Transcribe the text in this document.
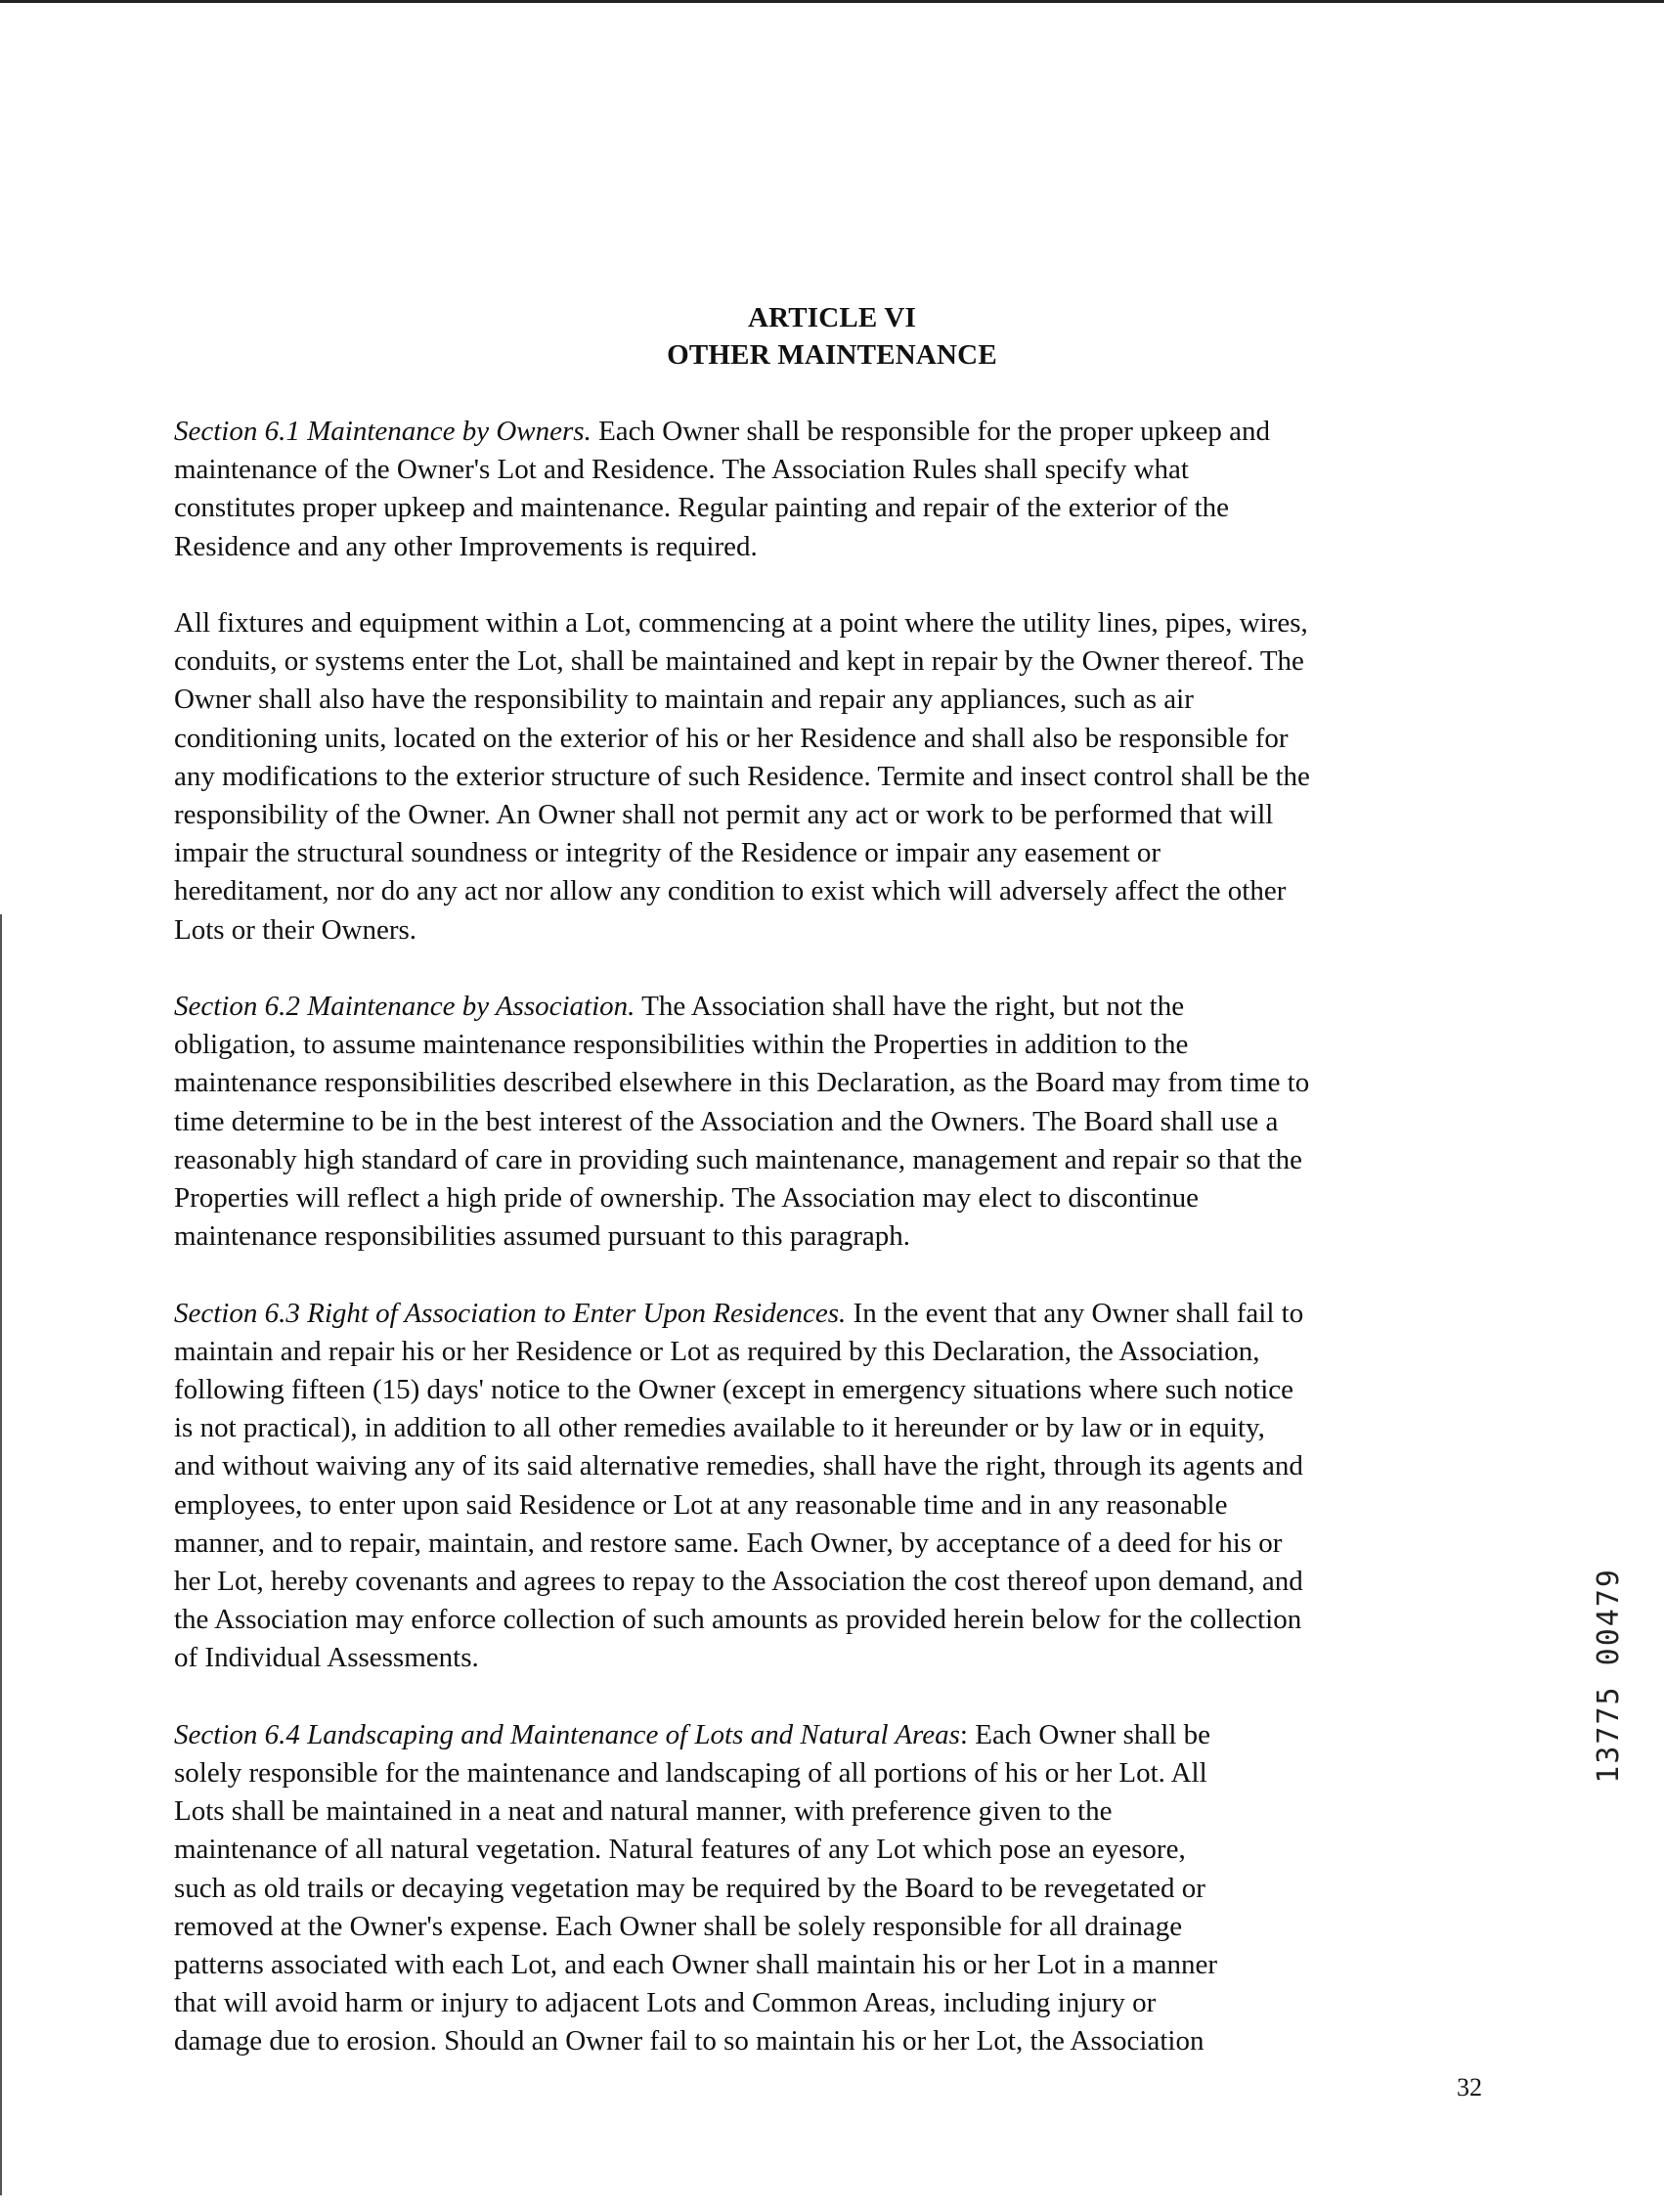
ARTICLE VI
OTHER MAINTENANCE

Section 6.1 Maintenance by Owners. Each Owner shall be responsible for the proper upkeep and
maintenance of the Owner's Lot and Residence. The Association Rules shall specify what
constitutes proper upkeep and maintenance. Regular painting and repair of the exterior of the
Residence and any other Improvements is required.

All fixtures and equipment within a Lot, commencing at a point where the utility lines, pipes, wires,
conduits, or systems enter the Lot, shall be maintained and kept in repair by the Owner thereof. The
Owner shall also have the responsibility to maintain and repair any appliances, such as air
conditioning units, located on the exterior of his or her Residence and shall also be responsible for
any modifications to the exterior structure of such Residence. Termite and insect control shall be the
responsibility of the Owner. An Owner shall not permit any act or work to be performed that will
impair the structural soundness or integrity of the Residence or impair any easement or
hereditament, nor do any act nor allow any condition to exist which will adversely affect the other
Lots or their Owners.

Section 6.2 Maintenance by Association. The Association shall have the right, but not the
obligation, to assume maintenance responsibilities within the Properties in addition to the
maintenance responsibilities described elsewhere in this Declaration, as the Board may from time to
time determine to be in the best interest of the Association and the Owners. The Board shall use a
reasonably high standard of care in providing such maintenance, management and repair so that the
Properties will reflect a high pride of ownership. The Association may elect to discontinue
maintenance responsibilities assumed pursuant to this paragraph.

Section 6.3 Right of Association to Enter Upon Residences. In the event that any Owner shall fail to
maintain and repair his or her Residence or Lot as required by this Declaration, the Association,
following fifteen (15) days' notice to the Owner (except in emergency situations where such notice
is not practical), in addition to all other remedies available to it hereunder or by law or in equity,
and without waiving any of its said alternative remedies, shall have the right, through its agents and
employees, to enter upon said Residence or Lot at any reasonable time and in any reasonable
manner, and to repair, maintain, and restore same. Each Owner, by acceptance of a deed for his or
her Lot, hereby covenants and agrees to repay to the Association the cost thereof upon demand, and
the Association may enforce collection of such amounts as provided herein below for the collection
of Individual Assessments.

Section 6.4 Landscaping and Maintenance of Lots and Natural Areas: Each Owner shall be
solely responsible for the maintenance and landscaping of all portions of his or her Lot. All
Lots shall be maintained in a neat and natural manner, with preference given to the
maintenance of all natural vegetation. Natural features of any Lot which pose an eyesore,
such as old trails or decaying vegetation may be required by the Board to be revegetated or
removed at the Owner's expense. Each Owner shall be solely responsible for all drainage
patterns associated with each Lot, and each Owner shall maintain his or her Lot in a manner
that will avoid harm or injury to adjacent Lots and Common Areas, including injury or
damage due to erosion. Should an Owner fail to so maintain his or her Lot, the Association

13775 00479
32
